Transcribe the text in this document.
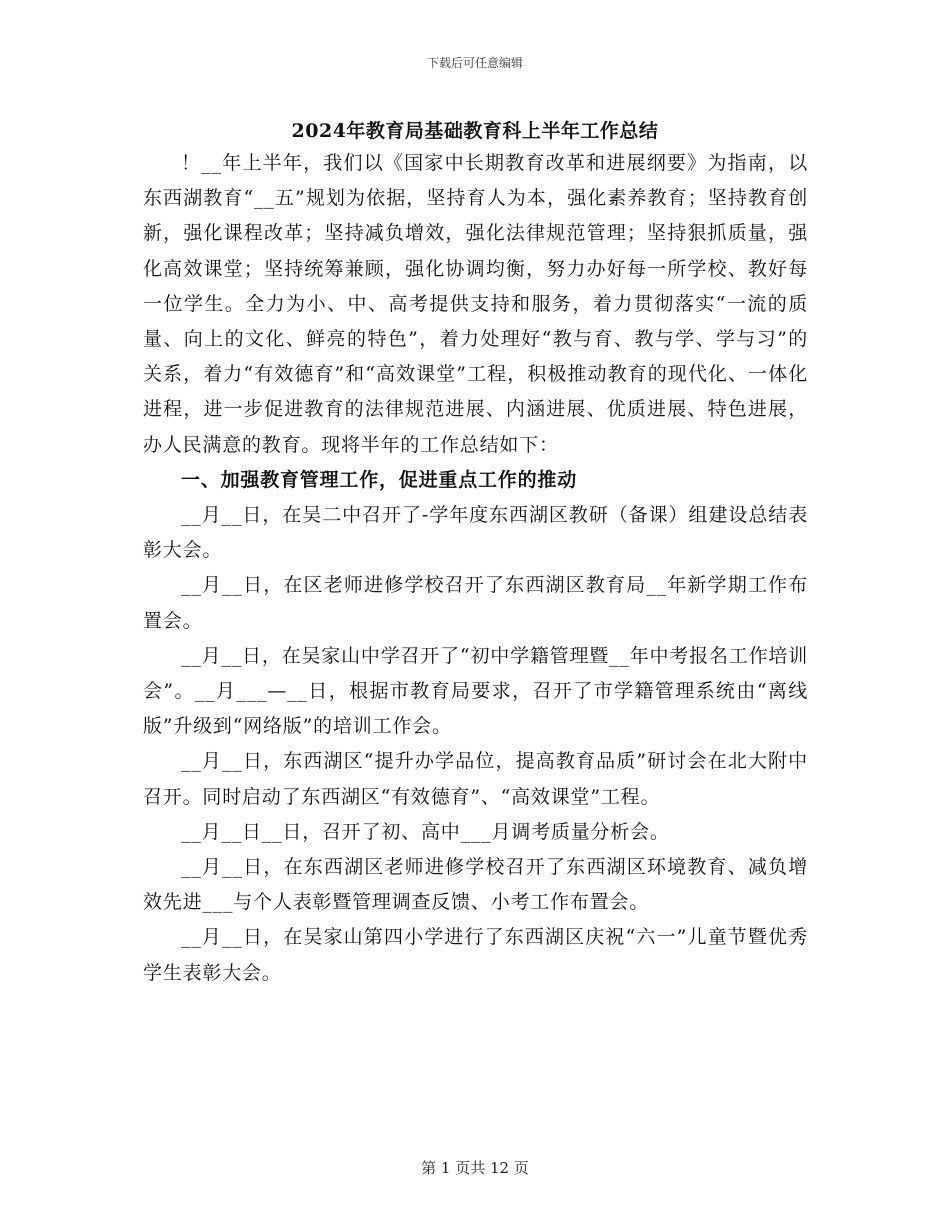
下载后可任意编辑
2024年教育局基础教育科上半年工作总结

！__年上半年，我们以《国家中长期教育改革和进展纲要》为指南，以东西湖教育“__五”规划为依据，坚持育人为本，强化素养教育；坚持教育创新，强化课程改革；坚持减负增效，强化法律规范管理；坚持狠抓质量，强化高效课堂；坚持统筹兼顾，强化协调均衡，努力办好每一所学校、教好每一位学生。全力为小、中、高考提供支持和服务，着力贯彻落实“一流的质量、向上的文化、鲜亮的特色”，着力处理好“教与育、教与学、学与习”的关系，着力“有效德育”和“高效课堂”工程，积极推动教育的现代化、一体化进程，进一步促进教育的法律规范进展、内涵进展、优质进展、特色进展，办人民满意的教育。现将半年的工作总结如下：

一、加强教育管理工作，促进重点工作的推动

__月__日，在吴二中召开了-学年度东西湖区教研（备课）组建设总结表彰大会。

__月__日，在区老师进修学校召开了东西湖区教育局__年新学期工作布置会。

__月__日，在吴家山中学召开了“初中学籍管理暨__年中考报名工作培训会”。__月___—__日，根据市教育局要求，召开了市学籍管理系统由“离线版”升级到“网络版”的培训工作会。

__月__日，东西湖区“提升办学品位，提高教育品质”研讨会在北大附中召开。同时启动了东西湖区“有效德育”、“高效课堂”工程。

__月__日__日，召开了初、高中___月调考质量分析会。

__月__日，在东西湖区老师进修学校召开了东西湖区环境教育、减负增效先进___与个人表彰暨管理调查反馈、小考工作布置会。

__月__日，在吴家山第四小学进行了东西湖区庆祝“六一”儿童节暨优秀学生表彰大会。

第 1 页共 12 页
